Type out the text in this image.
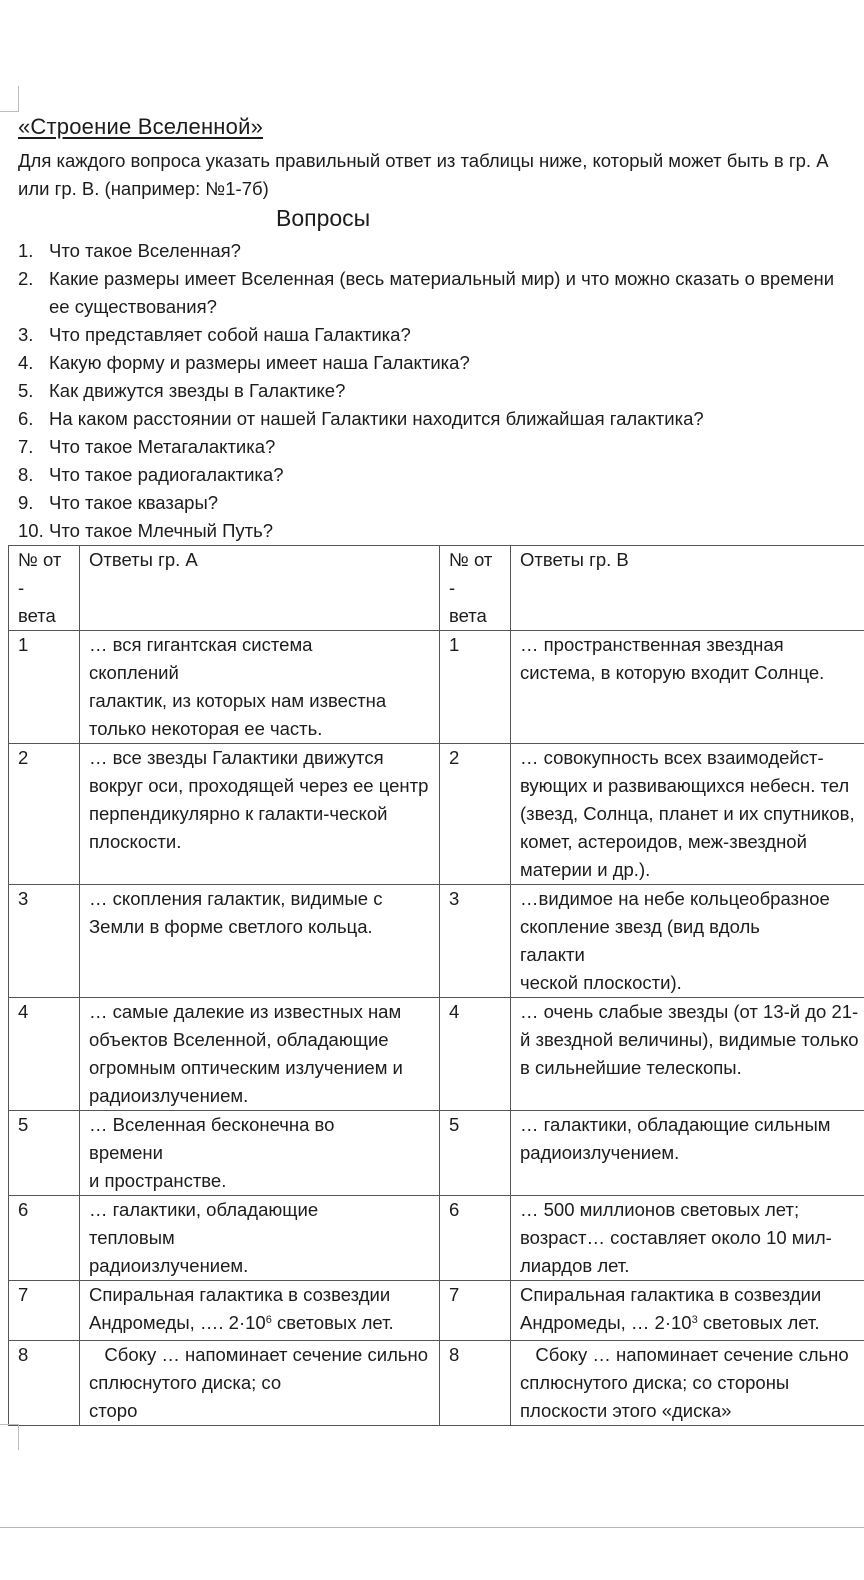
«Строение Вселенной»

Для каждого вопроса указать правильный ответ из таблицы ниже, который может быть в гр. А или гр. В. (например: №1-7б)

Вопросы
1. Что такое Вселенная?
2. Какие размеры имеет Вселенная (весь материальный мир) и что можно сказать о времени ее существования?
3. Что представляет собой наша Галактика?
4. Какую форму и размеры имеет наша Галактика?
5. Как движутся звезды в Галактике?
6. На каком расстоянии от нашей Галактики находится ближайшая галактика?
7. Что такое Метагалактика?
8. Что такое радиогалактика?
9. Что такое квазары?
10. Что такое Млечный Путь?
№ от
-
вета	Ответы гр. А	№ от
-
вета	Ответы гр. В

1	… вся гигантская система
скоплений
галактик, из которых нам известна только некоторая ее часть.	1	… пространственная звездная система, в которую входит Солнце.

2	… все звезды Галактики движутся вокруг оси, проходящей через ее центр перпендикулярно к галакти-ческой плоскости.	2	… совокупность всех взаимодейст-вующих и развивающихся небесн. тел (звезд, Солнца, планет и их спутников, комет, астероидов, меж-звездной материи и др.).

3	… скопления галактик, видимые с Земли в форме светлого кольца.	3	…видимое на небе кольцеобразное скопление звезд (вид вдоль
галакти
ческой плоскости).

4	… самые далекие из известных нам объектов Вселенной, обладающие огромным оптическим излучением и радиоизлучением.	4	… очень слабые звезды (от 13-й до 21-й звездной величины), видимые только в сильнейшие телескопы.

5	… Вселенная бесконечна во
времени
и пространстве.	5	… галактики, обладающие сильным радиоизлучением.

6	… галактики, обладающие
тепловым
радиоизлучением.	6	… 500 миллионов световых лет; возраст… составляет около 10 мил-лиардов лет.

7	Спиральная галактика в созвездии
Андромеды, …. $2\cdot 10^6$ световых лет.	7	Спиральная галактика в созвездии
Андромеды, … $2\cdot 10^3$ световых лет.

8	Сбоку … напоминает сечение сильно сплюснутого диска; со
сторо	8	Сбоку … напоминает сечение сльно сплюснутого диска; со стороны плоскости этого «диска»
